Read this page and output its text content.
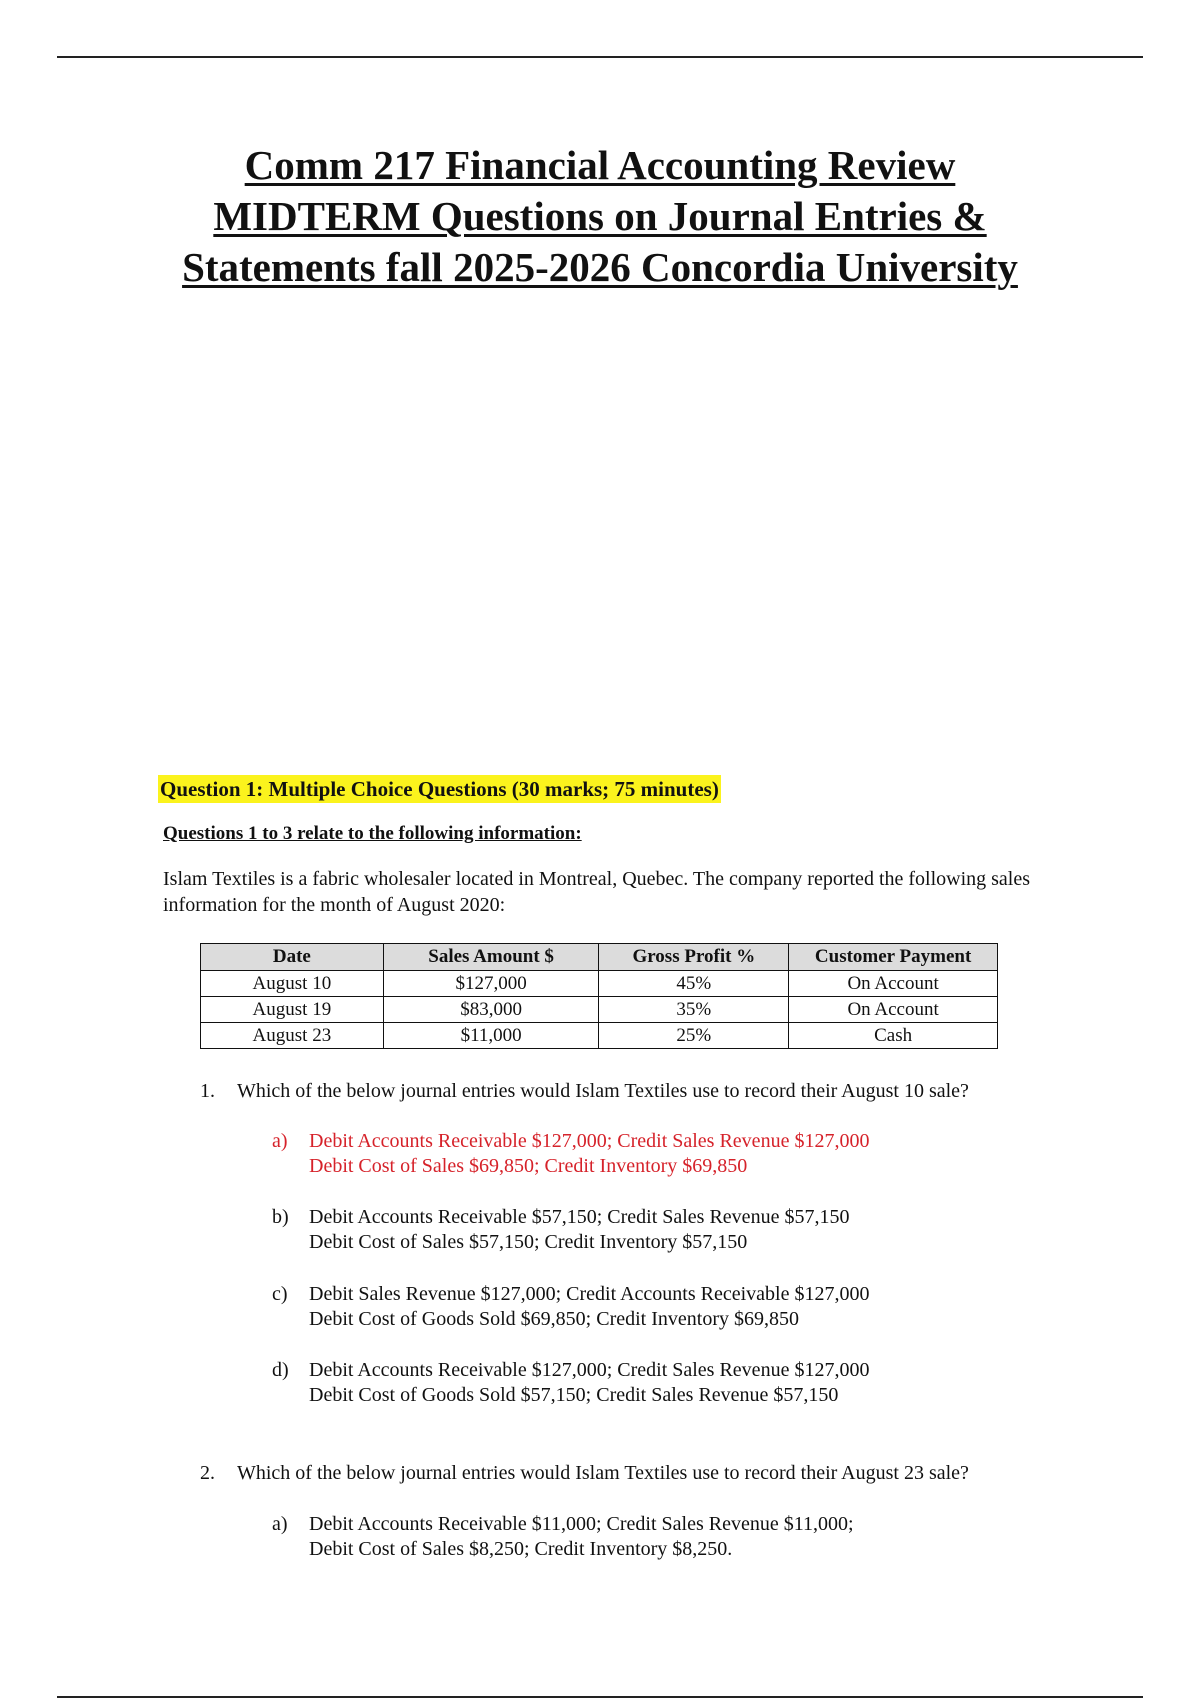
Comm 217 Financial Accounting Review
MIDTERM Questions on Journal Entries &
Statements fall 2025-2026 Concordia University
Question 1: Multiple Choice Questions (30 marks; 75 minutes)
Questions 1 to 3 relate to the following information:
Islam Textiles is a fabric wholesaler located in Montreal, Quebec. The company reported the following sales information for the month of August 2020:
Date	Sales Amount $	Gross Profit %	Customer Payment
August 10	$127,000	45%	On Account
August 19	$83,000	35%	On Account
August 23	$11,000	25%	Cash
1. Which of the below journal entries would Islam Textiles use to record their August 10 sale?
a) Debit Accounts Receivable $127,000; Credit Sales Revenue $127,000
Debit Cost of Sales $69,850; Credit Inventory $69,850
b) Debit Accounts Receivable $57,150; Credit Sales Revenue $57,150
Debit Cost of Sales $57,150; Credit Inventory $57,150
c) Debit Sales Revenue $127,000; Credit Accounts Receivable $127,000
Debit Cost of Goods Sold $69,850; Credit Inventory $69,850
d) Debit Accounts Receivable $127,000; Credit Sales Revenue $127,000
Debit Cost of Goods Sold $57,150; Credit Sales Revenue $57,150
2. Which of the below journal entries would Islam Textiles use to record their August 23 sale?
a) Debit Accounts Receivable $11,000; Credit Sales Revenue $11,000;
Debit Cost of Sales $8,250; Credit Inventory $8,250.
